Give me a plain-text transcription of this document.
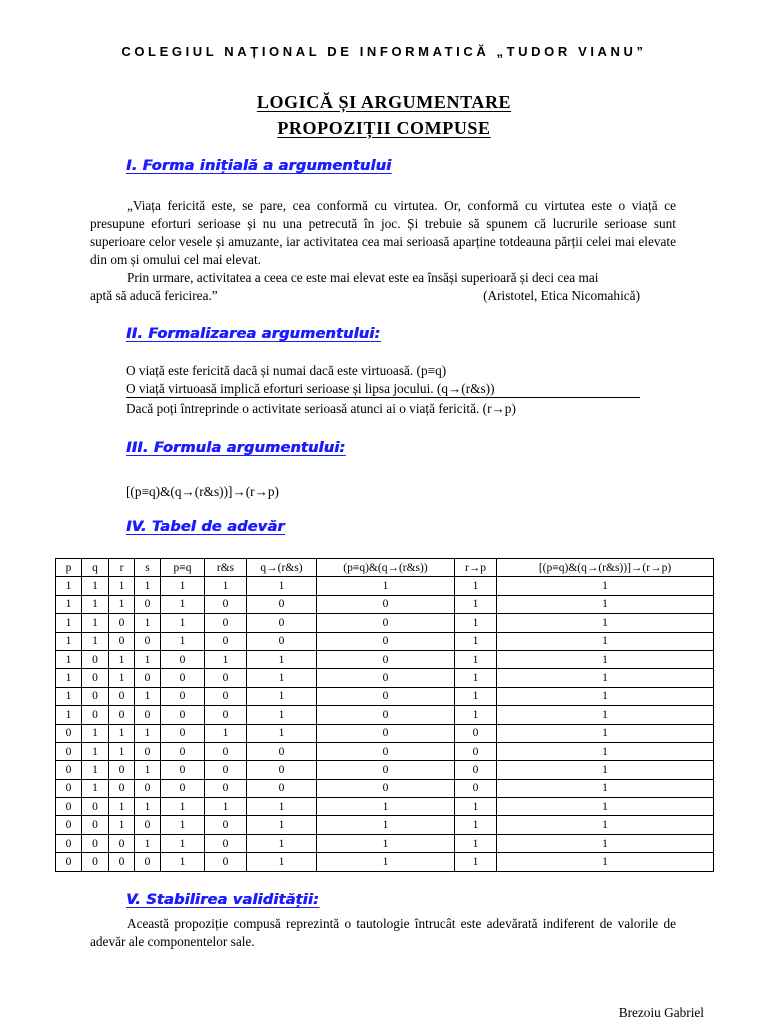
COLEGIUL NAȚIONAL DE INFORMATICĂ „TUDOR VIANU”
LOGICĂ ȘI ARGUMENTARE
PROPOZIȚII COMPUSE
I. Forma inițială a argumentului
„Viața fericită este, se pare, cea conformă cu virtutea. Or, conformă cu virtutea este o viață ce presupune eforturi serioase și nu una petrecută în joc. Și trebuie să spunem că lucrurile serioase sunt superioare celor vesele și amuzante, iar activitatea cea mai serioasă aparține totdeauna părții celei mai elevate din om și omului cel mai elevat.
Prin urmare, activitatea a ceea ce este mai elevat este ea însăși superioară și deci cea mai
aptă să aducă fericirea.”	(Aristotel, Etica Nicomahică)
II. Formalizarea argumentului:
O viață este fericită dacă și numai dacă este virtuoasă. (p≡q)
O viață virtuoasă implică eforturi serioase și lipsa jocului. (q→(r&s))
Dacă poți întreprinde o activitate serioasă atunci ai o viață fericită. (r→p)
III. Formula argumentului:
[(p≡q)&(q→(r&s))]→(r→p)
IV. Tabel de adevăr
p	q	r	s	p≡q	r&s	q→(r&s)	(p≡q)&(q→(r&s))	r→p	[(p≡q)&(q→(r&s))]→(r→p)
1	1	1	1	1	1	1	1	1	1
1	1	1	0	1	0	0	0	1	1
1	1	0	1	1	0	0	0	1	1
1	1	0	0	1	0	0	0	1	1
1	0	1	1	0	1	1	0	1	1
1	0	1	0	0	0	1	0	1	1
1	0	0	1	0	0	1	0	1	1
1	0	0	0	0	0	1	0	1	1
0	1	1	1	0	1	1	0	0	1
0	1	1	0	0	0	0	0	0	1
0	1	0	1	0	0	0	0	0	1
0	1	0	0	0	0	0	0	0	1
0	0	1	1	1	1	1	1	1	1
0	0	1	0	1	0	1	1	1	1
0	0	0	1	1	0	1	1	1	1
0	0	0	0	1	0	1	1	1	1
V. Stabilirea validității:
Această propoziție compusă reprezintă o tautologie întrucât este adevărată indiferent de valorile de adevăr ale componentelor sale.
Brezoiu Gabriel
